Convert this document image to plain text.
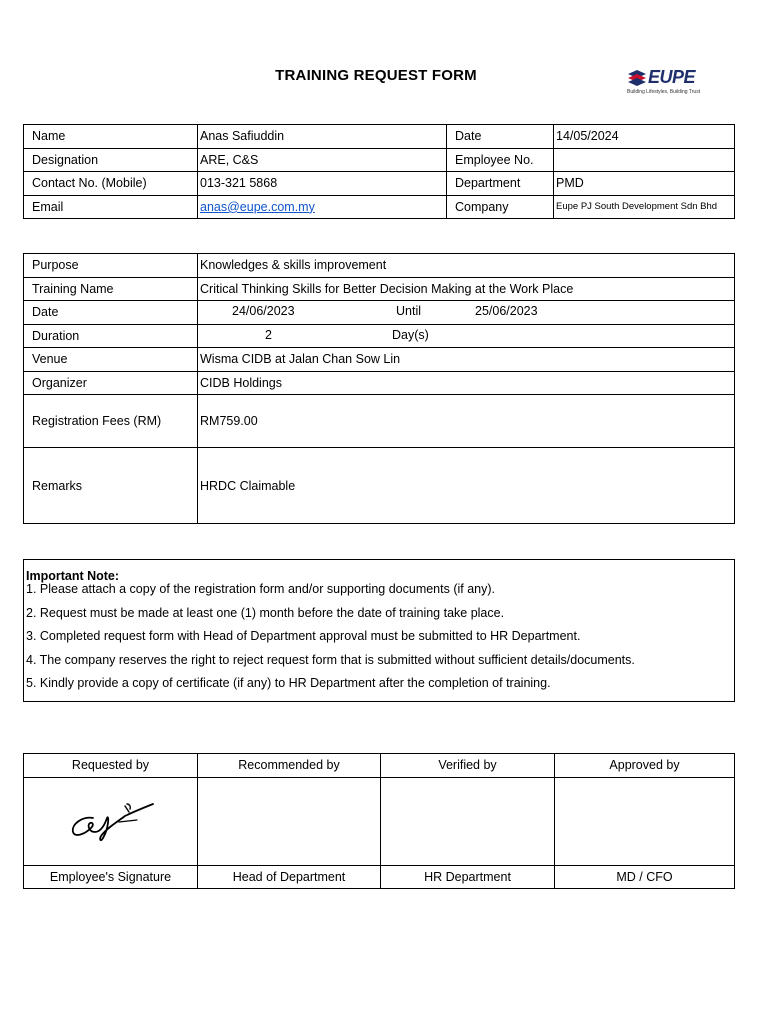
TRAINING REQUEST FORM	EUPE
Building Lifestyles, Building Trust
Name	Anas Safiuddin	Date	14/05/2024
Designation	ARE, C&S	Employee No.	
Contact No. (Mobile)	013-321 5868	Department	PMD
Email	anas@eupe.com.my	Company	Eupe PJ South Development Sdn Bhd
Purpose	Knowledges & skills improvement
Training Name	Critical Thinking Skills for Better Decision Making at the Work Place
Date	24/06/2023 Until 25/06/2023

Duration	2 Day(s)

Venue	Wisma CIDB at Jalan Chan Sow Lin
Organizer	CIDB Holdings
Registration Fees (RM)	RM759.00
Remarks	HRDC Claimable
Important Note:
1. Please attach a copy of the registration form and/or supporting documents (if any).
2. Request must be made at least one (1) month before the date of training take place.
3. Completed request form with Head of Department approval must be submitted to HR Department.
4. The company reserves the right to reject request form that is submitted without sufficient details/documents.
5. Kindly provide a copy of certificate (if any) to HR Department after the completion of training.
Requested by	Recommended by	Verified by	Approved by

Employee's Signature	Head of Department	HR Department	MD / CFO
